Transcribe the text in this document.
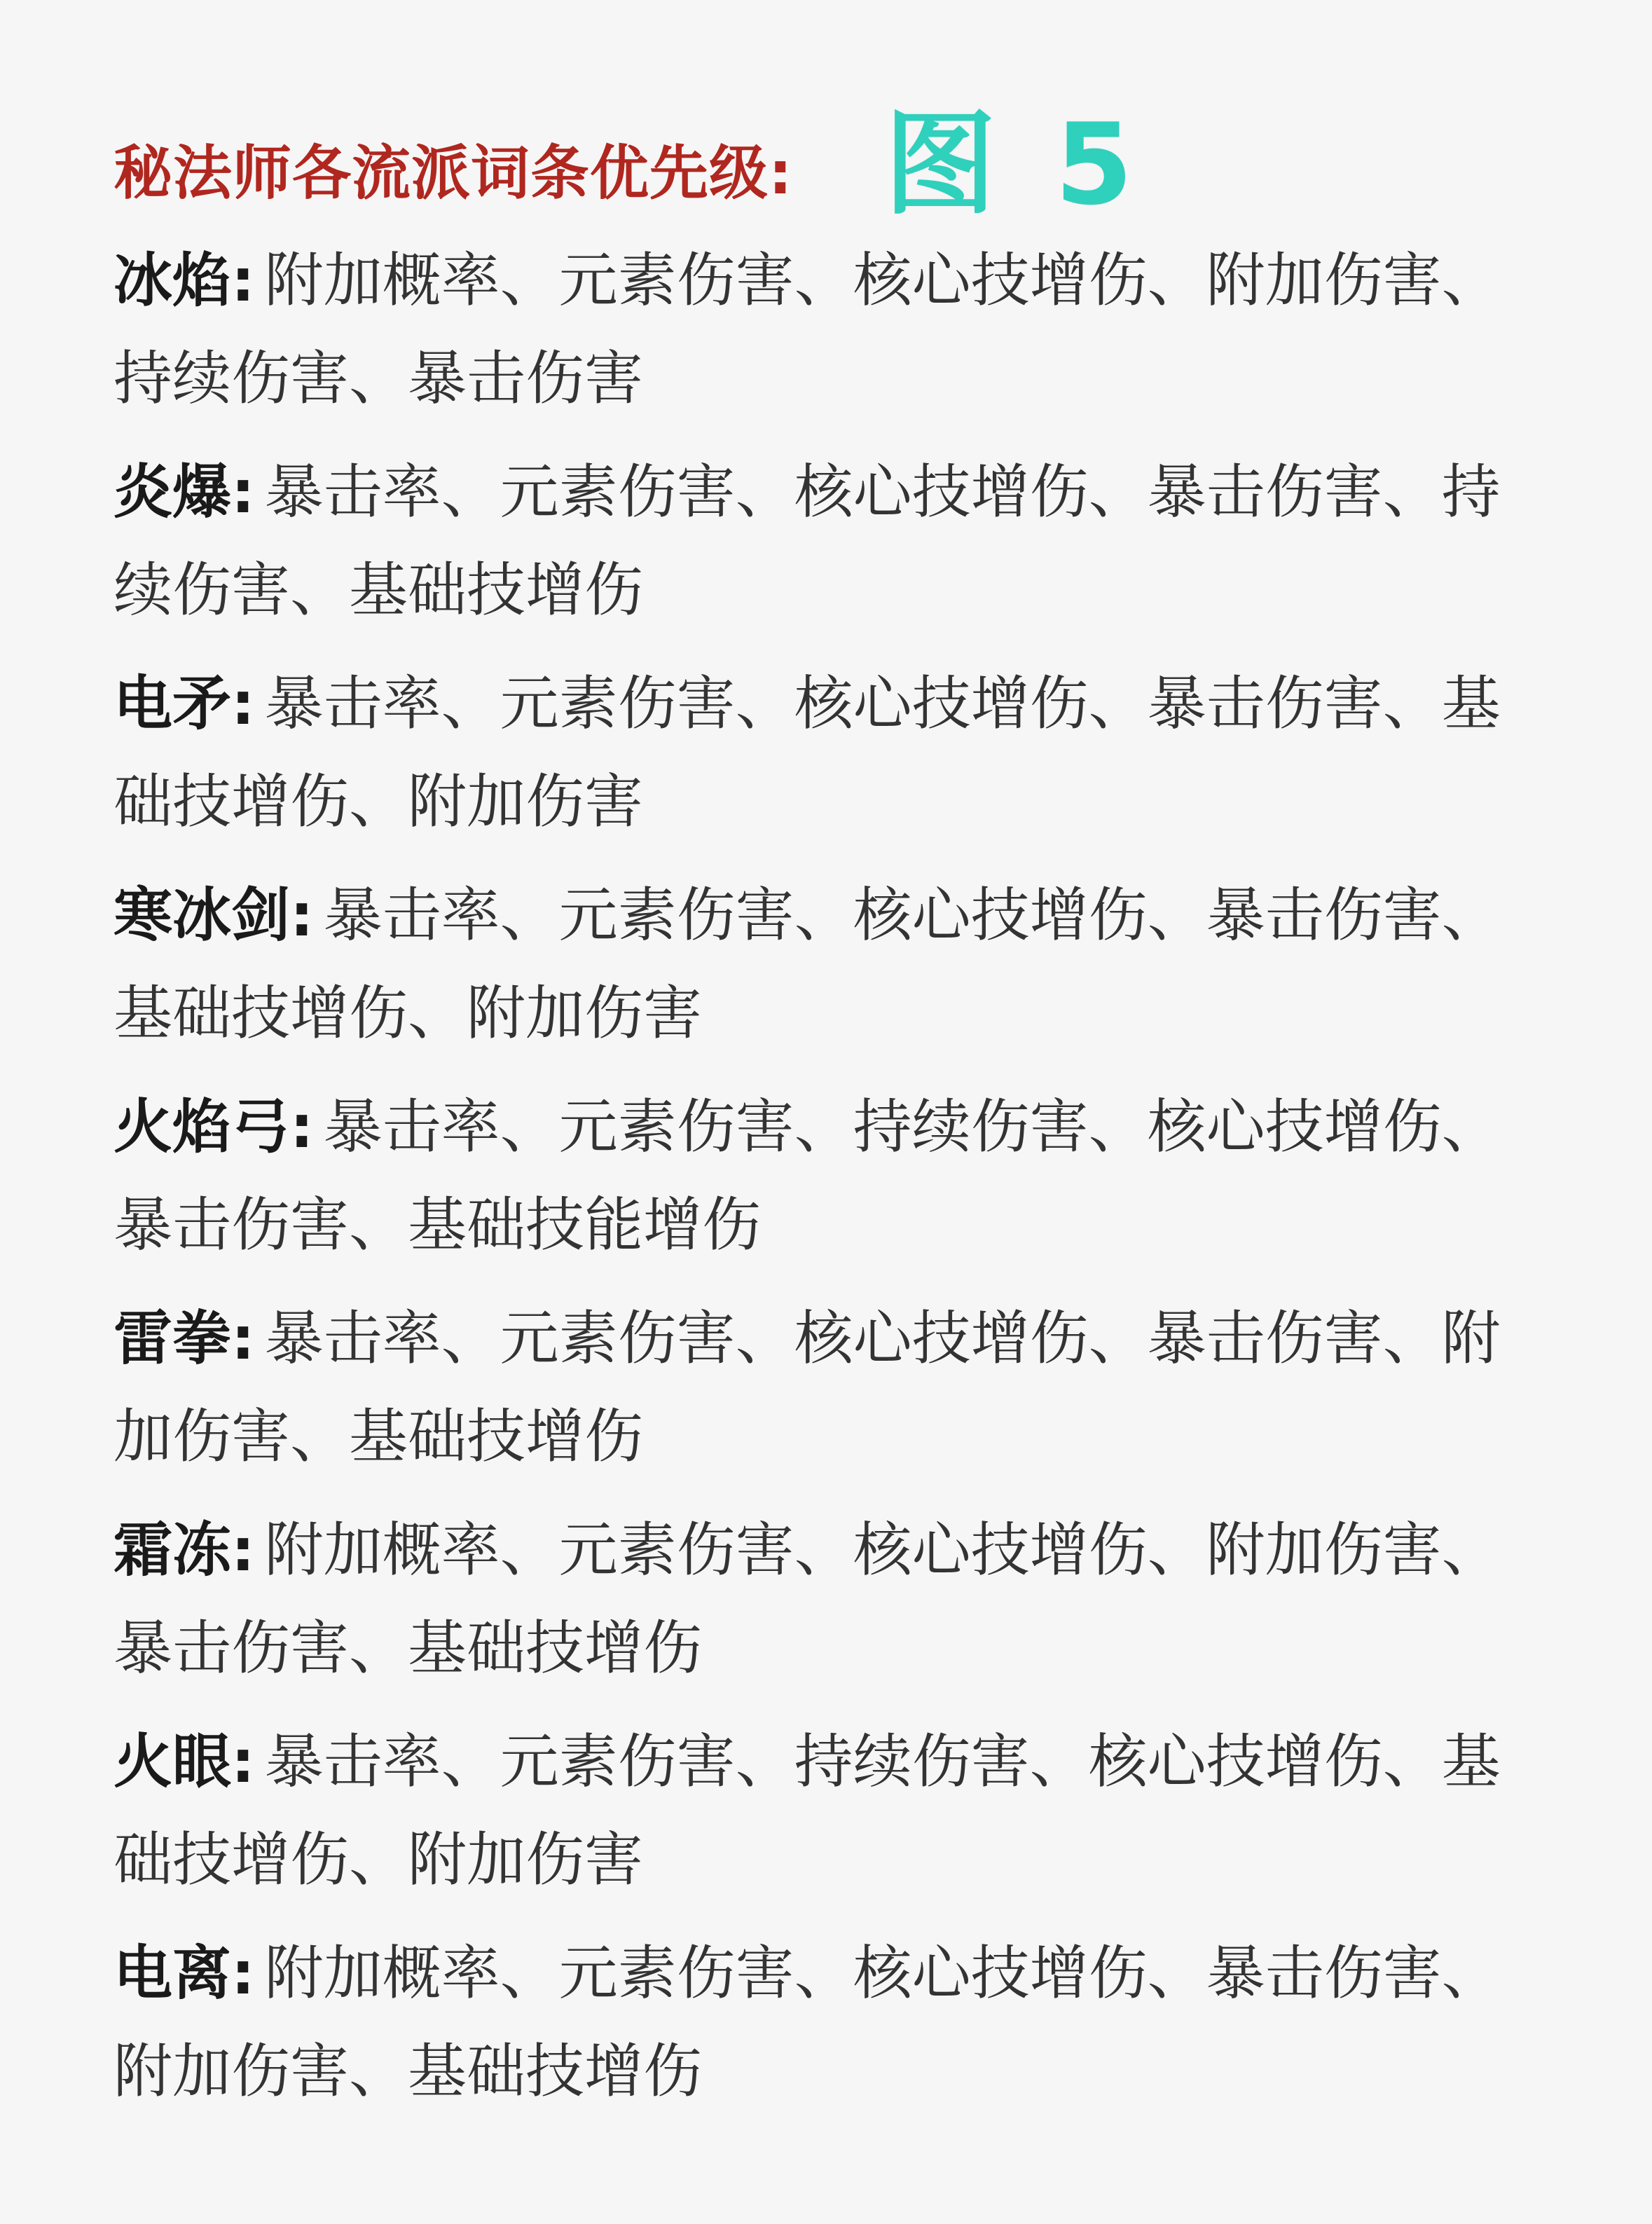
秘法师各流派词条优先级: 图 5
冰焰: 附加概率、元素伤害、核心技增伤、附加伤害、持续伤害、暴击伤害
炎爆: 暴击率、元素伤害、核心技增伤、暴击伤害、持续伤害、基础技增伤
电矛: 暴击率、元素伤害、核心技增伤、暴击伤害、基础技增伤、附加伤害
寒冰剑: 暴击率、元素伤害、核心技增伤、暴击伤害、基础技增伤、附加伤害
火焰弓: 暴击率、元素伤害、持续伤害、核心技增伤、暴击伤害、基础技能增伤
雷拳: 暴击率、元素伤害、核心技增伤、暴击伤害、附加伤害、基础技增伤
霜冻: 附加概率、元素伤害、核心技增伤、附加伤害、暴击伤害、基础技增伤
火眼: 暴击率、元素伤害、持续伤害、核心技增伤、基础技增伤、附加伤害
电离: 附加概率、元素伤害、核心技增伤、暴击伤害、附加伤害、基础技增伤
